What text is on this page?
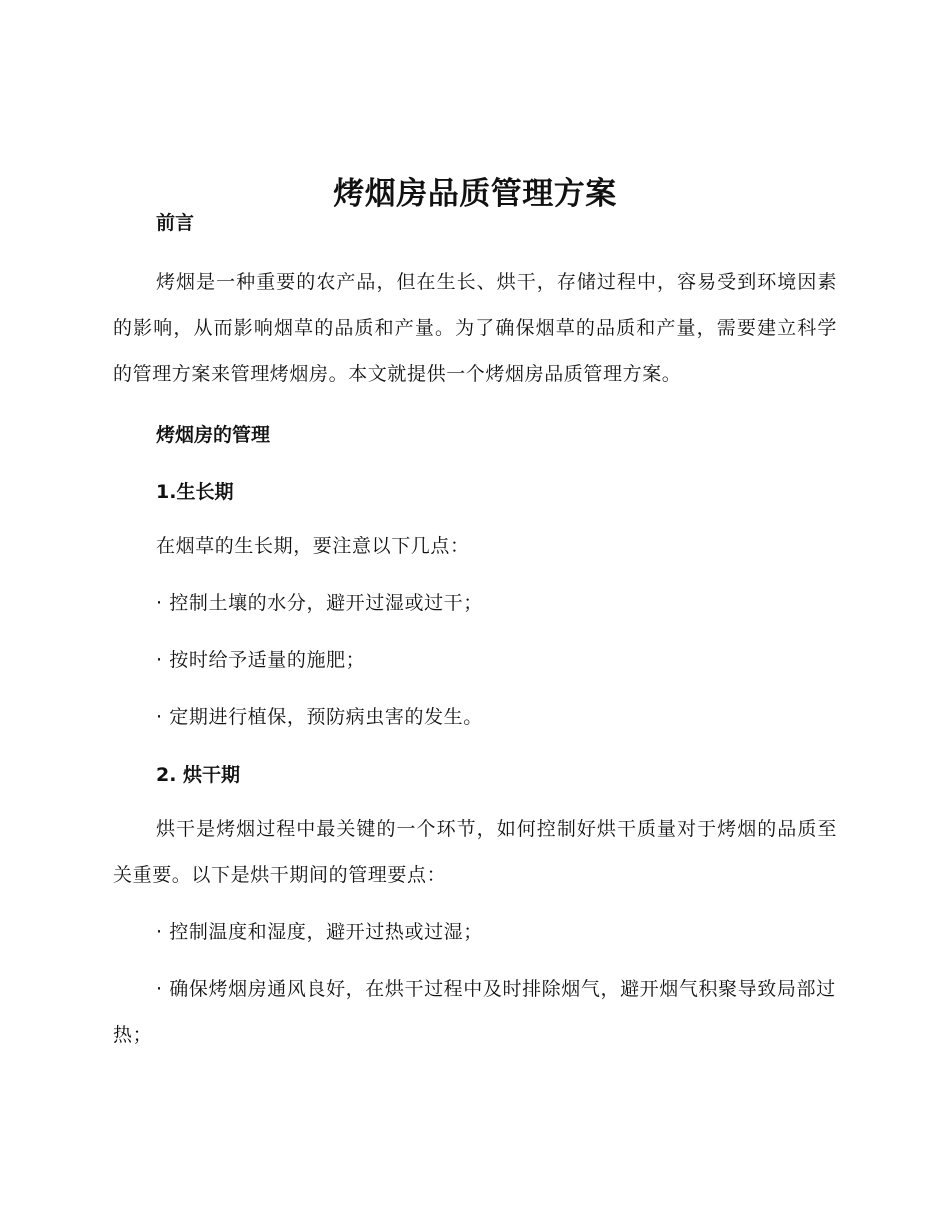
烤烟房品质管理方案

前言

烤烟是一种重要的农产品，但在生长、烘干，存储过程中，容易受到环境因素的影响，从而影响烟草的品质和产量。为了确保烟草的品质和产量，需要建立科学的管理方案来管理烤烟房。本文就提供一个烤烟房品质管理方案。

烤烟房的管理

1.生长期

在烟草的生长期，要注意以下几点：

· 控制土壤的水分，避开过湿或过干；

· 按时给予适量的施肥；

· 定期进行植保，预防病虫害的发生。

2. 烘干期

烘干是烤烟过程中最关键的一个环节，如何控制好烘干质量对于烤烟的品质至关重要。以下是烘干期间的管理要点：

· 控制温度和湿度，避开过热或过湿；

· 确保烤烟房通风良好，在烘干过程中及时排除烟气，避开烟气积聚导致局部过热；
